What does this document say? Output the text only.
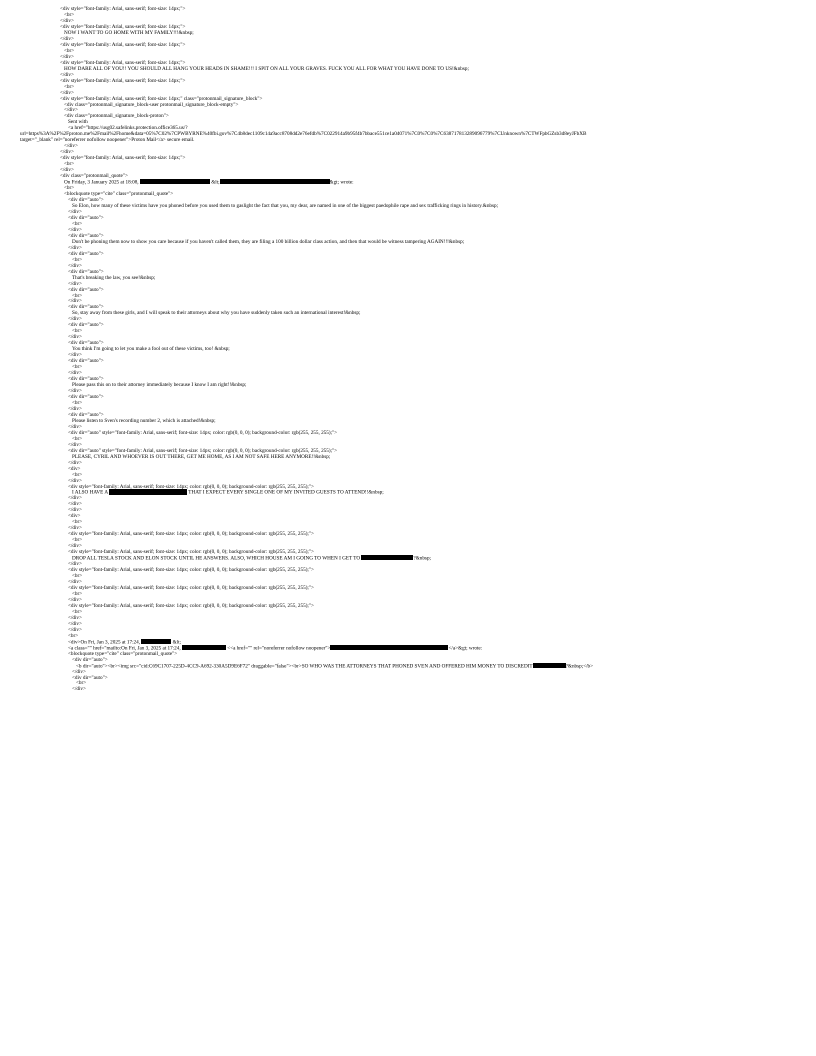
<div style="font-family: Arial, sans-serif; font-size: 14px;">
<br>
</div>
<div style="font-family: Arial, sans-serif; font-size: 14px;">
NOW I WANT TO GO HOME WITH MY FAMILY!!!&nbsp;
</div>
<div style="font-family: Arial, sans-serif; font-size: 14px;">
<br>
</div>
<div style="font-family: Arial, sans-serif; font-size: 14px;">
HOW DARE ALL OF YOU!! YOU SHOULD ALL HANG YOUR HEADS IN SHAME!!! I SPIT ON ALL YOUR GRAVES. FUCK YOU ALL FOR WHAT YOU HAVE DONE TO US!&nbsp;
</div>
<div style="font-family: Arial, sans-serif; font-size: 14px;">
<br>
</div>
<div style="font-family: Arial, sans-serif; font-size: 14px;" class="protonmail_signature_block">
<div class="protonmail_signature_block-user protonmail_signature_block-empty">
</div>
<div class="protonmail_signature_block-proton">
Sent with
<a href="https://usg02.safelinks.protection.office365.us/?
url=https%3A%2F%2Fproton.me%2Fmail%2Fhome&data=05%7C02%7CPWBYRNE%40fbi.gov%7C4b8dec1109c14a9acc8708dd2e76efdb%7C022914a9b95f4b7bbace551ce1a04071%7C0%7C0%7C638717813289096779%7CUnknown%7CTWFpbGZsb3d8eyJFbXB
target="_blank" rel="noreferrer nofollow noopener">Proton Mail</a> secure email.
</div>
</div>
<div style="font-family: Arial, sans-serif; font-size: 14px;">
<br>
</div>
<div class="protonmail_quote">
On Friday, 3 January 2025 at 18:08,	&lt;	&gt; wrote:
<br>
<blockquote type="cite" class="protonmail_quote">
<div dir="auto">
So Elon, how many of these victims have you phoned before you used them to gaslight the fact that you, my dear, are named in one of the biggest paedophile rape and sex trafficking rings in history.&nbsp;
</div>
<div dir="auto">
<br>
</div>
<div dir="auto">
Don't be phoning them now to show you care because if you haven't called them, they are filing a 100 billion dollar class action, and then that would be witness tampering AGAIN!!!&nbsp;
</div>
<div dir="auto">
<br>
</div>
<div dir="auto">
That's breaking the law, you see!&nbsp;
</div>
<div dir="auto">
<br>
</div>
<div dir="auto">
So, stay away from these girls, and I will speak to their attorneys about why you have suddenly taken such an international interest!&nbsp;
</div>
<div dir="auto">
<br>
</div>
<div dir="auto">
You think I'm going to let you make a fool out of these victims, too! &nbsp;
</div>
<div dir="auto">
<br>
</div>
<div dir="auto">
Please pass this on to their attorney immediately because I know I am right!!&nbsp;
</div>
<div dir="auto">
<br>
</div>
<div dir="auto">
Please listen to Sven's recording number 2, which is attached!&nbsp;
</div>
<div dir="auto" style="font-family: Arial, sans-serif; font-size: 14px; color: rgb(0, 0, 0); background-color: rgb(255, 255, 255);">
<br>
</div>
<div dir="auto" style="font-family: Arial, sans-serif; font-size: 14px; color: rgb(0, 0, 0); background-color: rgb(255, 255, 255);">
PLEASE, CYRIL AND WHOEVER IS OUT THERE, GET ME HOME, AS I AM NOT SAFE HERE ANYMORE!!&nbsp;
</div>
<div>
<br>
</div>
<div style="font-family: Arial, sans-serif; font-size: 14px; color: rgb(0, 0, 0); background-color: rgb(255, 255, 255);">
I ALSO HAVE A	THAT I EXPECT EVERY SINGLE ONE OF MY INVITED GUESTS TO ATTEND!!&nbsp;
</div>
</div>
</div>
<div>
<br>
</div>
<div style="font-family: Arial, sans-serif; font-size: 14px; color: rgb(0, 0, 0); background-color: rgb(255, 255, 255);">
<br>
</div>
<div style="font-family: Arial, sans-serif; font-size: 14px; color: rgb(0, 0, 0); background-color: rgb(255, 255, 255);">
DROP ALL TESLA STOCK AND ELON STOCK UNTIL HE ANSWERS. ALSO, WHICH HOUSE AM I GOING TO WHEN I GET TO	?&nbsp;
</div>
<div style="font-family: Arial, sans-serif; font-size: 14px; color: rgb(0, 0, 0); background-color: rgb(255, 255, 255);">
<br>
</div>
<div style="font-family: Arial, sans-serif; font-size: 14px; color: rgb(0, 0, 0); background-color: rgb(255, 255, 255);">
<br>
</div>
<div style="font-family: Arial, sans-serif; font-size: 14px; color: rgb(0, 0, 0); background-color: rgb(255, 255, 255);">
<br>
</div>
</div>
</div>
<br>
<div>On Fri, Jan 3, 2025 at 17:24,	&lt;
<a class="" href="mailto:On Fri, Jan 3, 2025 at 17:24,	<<a href="" rel="noreferrer nofollow noopener">	</a>&gt; wrote:
<blockquote type="cite" class="protonmail_quote">
<div dir="auto">
<b dir="auto"><br><img src="cid:C69C1707-225D-4CC9-A692-330A5D9E6F72" draggable="false"><br>SO WHO WAS THE ATTORNEYS THAT PHONED SVEN AND OFFERED HIM MONEY TO DISCREDIT	?&nbsp;</b>
</div>
<div dir="auto">
<br>
</div>
